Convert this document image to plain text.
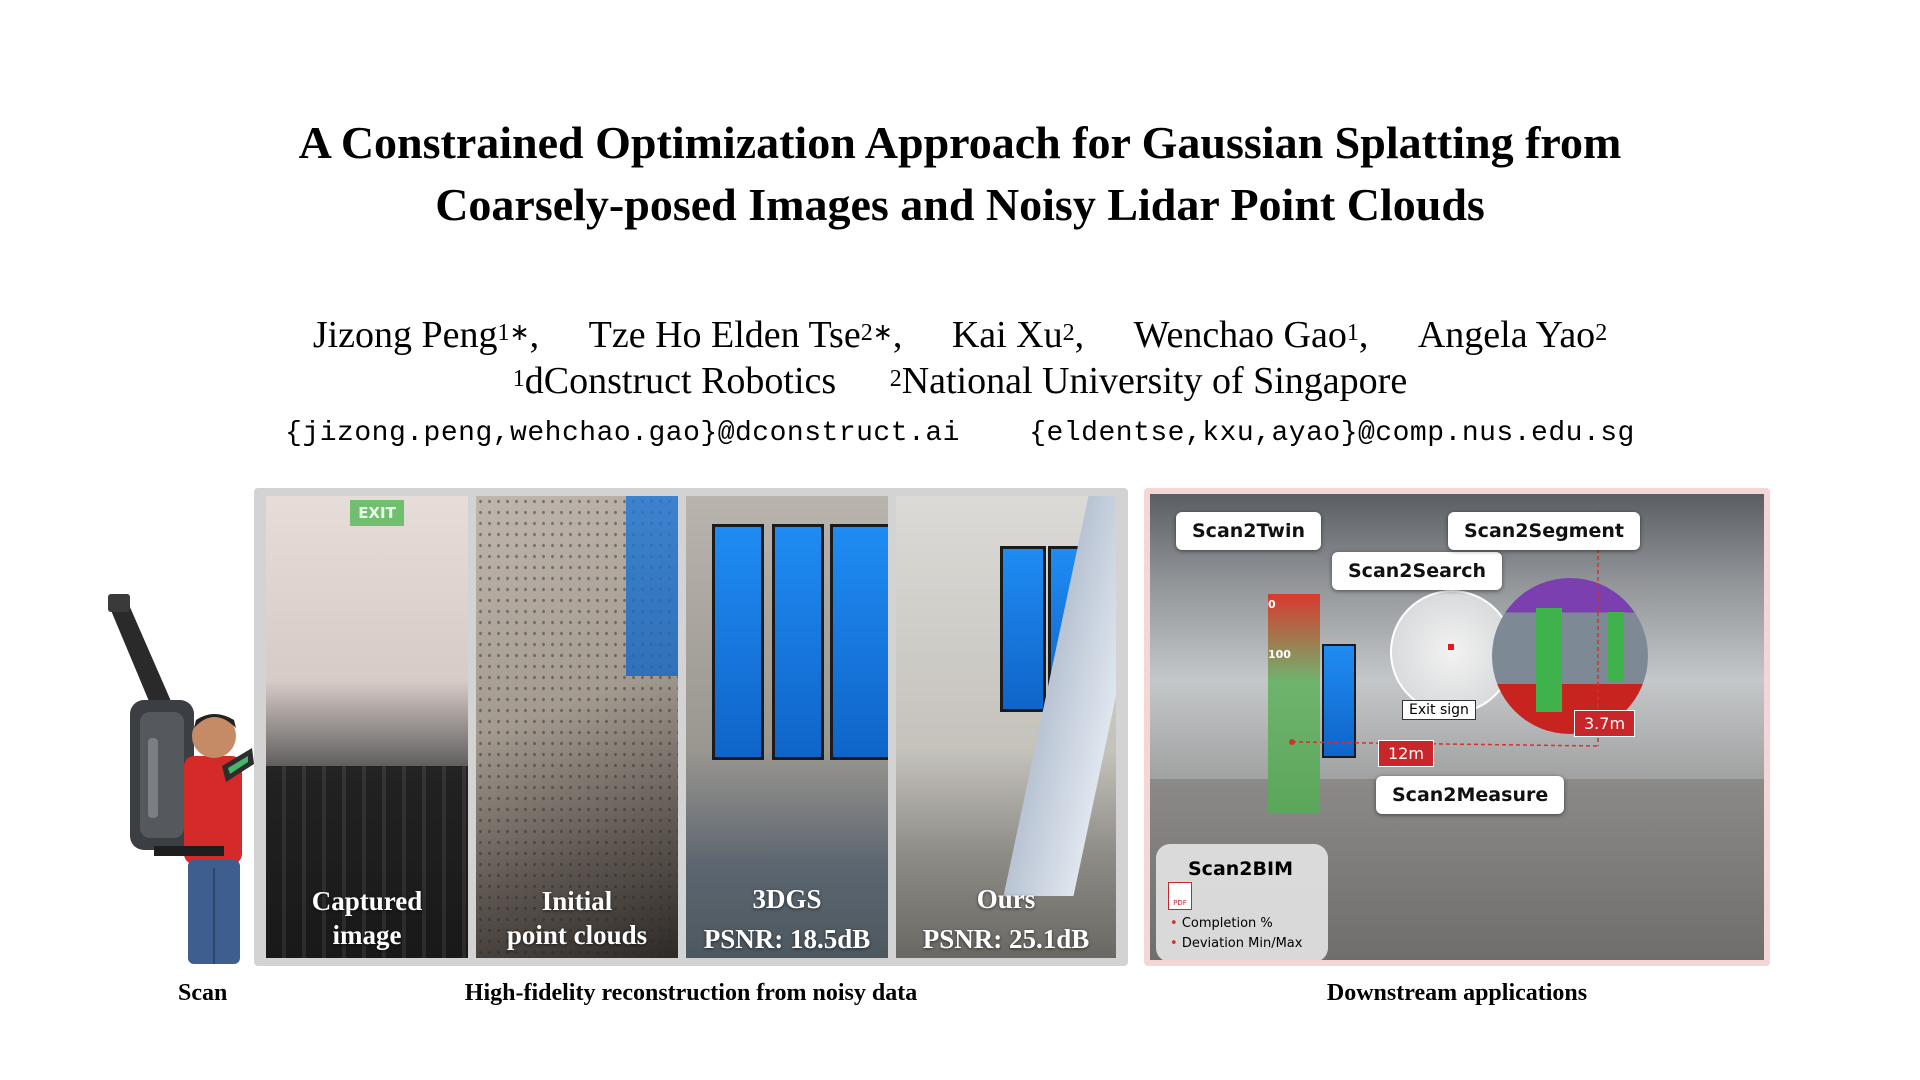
A Constrained Optimization Approach for Gaussian Splatting from
Coarsely-posed Images and Noisy Lidar Point Clouds
Jizong Peng$^{1∗}$, Tze Ho Elden Tse$^{2∗}$, Kai Xu$^2$, Wenchao Gao$^1$, Angela Yao$^2$
$^1$dConstruct Robotics $^2$National University of Singapore
{jizong.peng,wehchao.gao}@dconstruct.ai {eldentse,kxu,ayao}@comp.nus.edu.sg
EXIT
Captured
image
Initial
point clouds
3DGS
PSNR: 18.5dB
Ours
PSNR: 25.1dB
0
100
Exit sign
12m
3.7m
Scan2Twin
Scan2Search
Scan2Segment
Scan2Measure
Scan2BIM
PDF
• Completion %
• Deviation Min/Max
Scan	High-fidelity reconstruction from noisy data	Downstream applications
